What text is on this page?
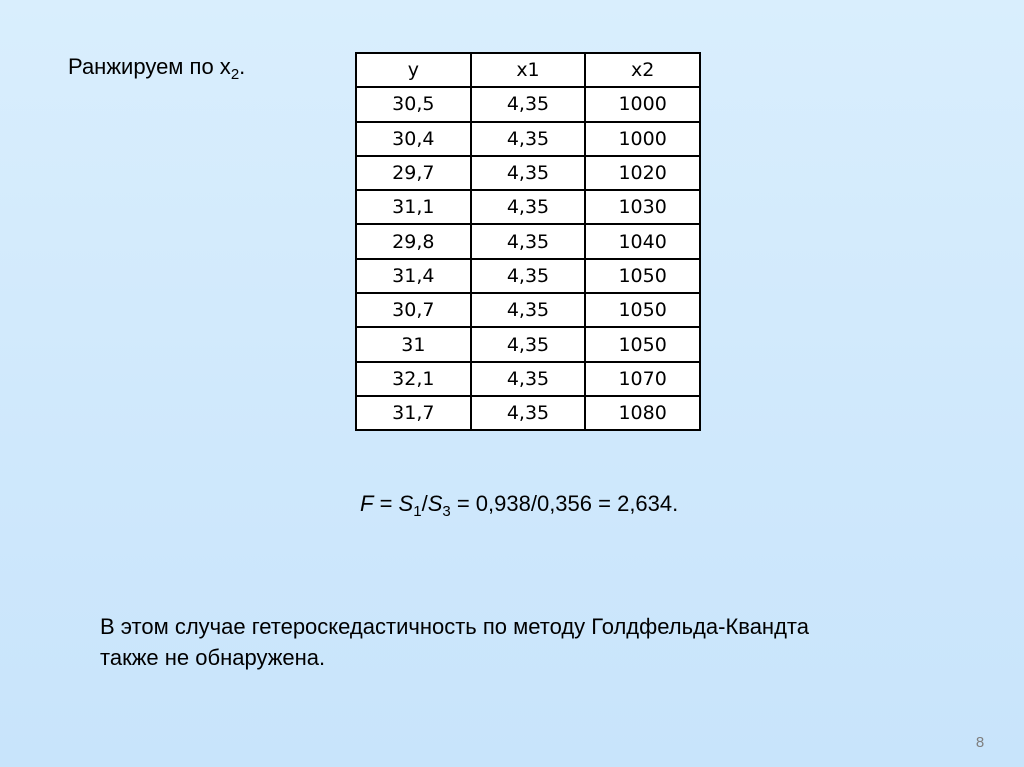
Ранжируем по $x_2$.	y	x1	x2
30,5	4,35	1000
30,4	4,35	1000
29,7	4,35	1020
31,1	4,35	1030
29,8	4,35	1040
31,4	4,35	1050
30,7	4,35	1050
31	4,35	1050
32,1	4,35	1070
31,7	4,35	1080
$F = S_1/S_3 = 0,938/0,356 = 2,634$.
В этом случае гетероскедастичность по методу Голдфельда-Квандта
также не обнаружена.
8
